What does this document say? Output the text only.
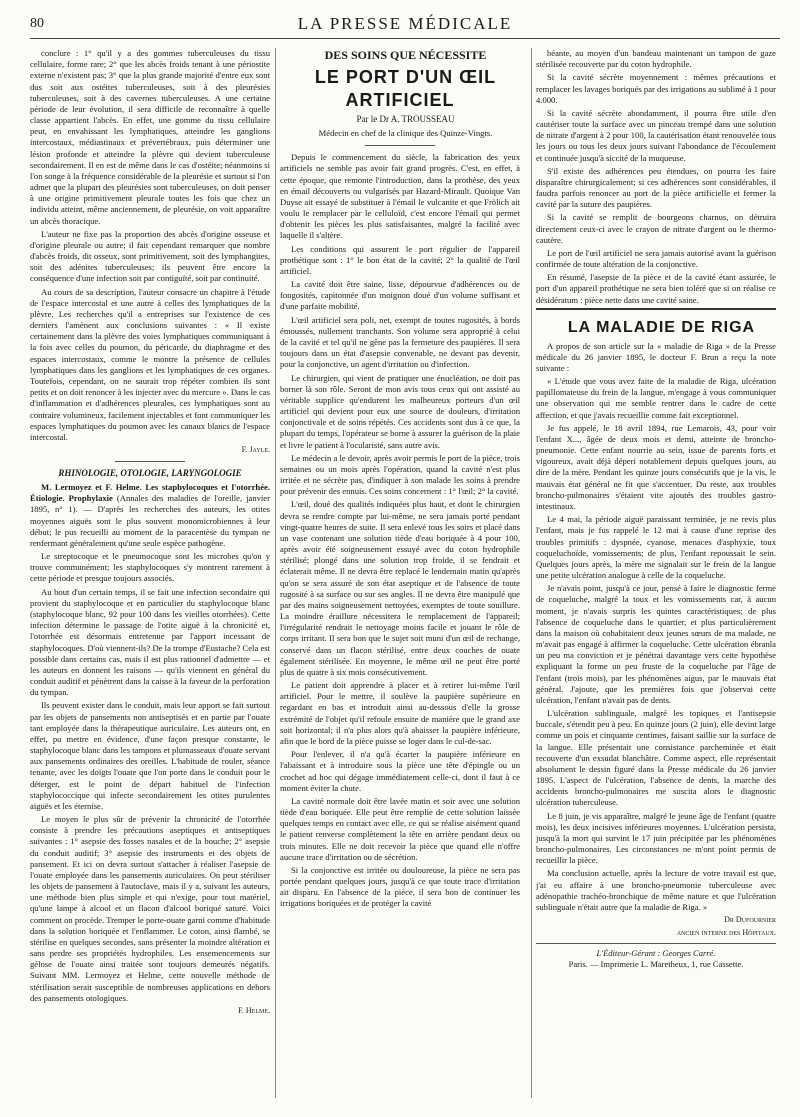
80	LA PRESSE MÉDICALE

conclure : 1° qu'il y a des gommes tuberculeuses du tissu cellulaire, forme rare; 2° que les abcès froids tenant à une périostite externe n'existent pas; 3° que la plus grande majorité d'entre eux sont dus soit aux ostéites tuberculeuses, soit à des pleurésies tuberculeuses, soit à des cavernes tuberculeuses. A une certaine période de leur évolution, il sera difficile de reconnaître à quelle classe appartient l'abcès. En effet, une gomme du tissu cellulaire peut, en envahissant les lymphatiques, atteindre les ganglions intercostaux, médiastinaux et prévertébraux, puis déterminer une lésion profonde et atteindre la plèvre qui devient tuberculeuse secondairement. Il en est de même dans le cas d'ostéite; néanmoins si l'on songe à la fréquence considérable de la pleurésie et surtout si l'on admet que la plupart des pleurésies sont tuberculeuses, on doit penser à une origine primitivement pleurale toutes les fois que chez un individu atteint, même anciennement, de pleurésie, on voit apparaître un abcès thoracique.

L'auteur ne fixe pas la proportion des abcès d'origine osseuse et d'origine pleurale ou autre; il fait cependant remarquer que nombre d'abcès froids, dit osseux, sont primitivement, soit des lymphangites, soit des adénites tuberculeuses; ils peuvent être encore la conséquence d'une infection soit par contiguïté, soit par continuité.

Au cours de sa description, l'auteur consacre un chapitre à l'étude de l'espace intercostal et une autre à celles des lymphatiques de la plèvre. Les recherches qu'il a entreprises sur l'existence de ces derniers l'amènent aux conclusions suivantes : « Il existe certainement dans la plèvre des voies lymphatiques communiquant à la fois avec celles du poumon, du péricarde, du diaphragme et des espaces intercostaux, comme le montre la présence de cellules lymphatiques dans les ganglions et les lymphatiques de ces organes. Toutefois, cependant, on ne saurait trop répéter combien ils sont petits et on doit renoncer à les injecter avec du mercure ». Dans le cas d'inflammation et d'adhérences pleurales, ces lymphatiques sont au contraire volumineux, facilement injectables et font communiquer les espaces lymphatiques du poumon avec les canaux blancs de l'espace intercostal.

F. Jayle.

RHINOLOGIE, OTOLOGIE, LARYNGOLOGIE

M. Lermoyez et F. Helme. Les staphylocoques et l'otorrhée. Étiologie. Prophylaxie (Annales des maladies de l'oreille, janvier 1895, n° 1). — D'après les recherches des auteurs, les otites moyennes aiguës sont le plus souvent monomicrobiennes à leur début; le pus recueilli au moment de la paracentèse du tympan ne renfermant généralement qu'une seule espèce pathogène.

Le streptocoque et le pneumocoque sont les microbes qu'on y trouve communément; les staphylocoques s'y montrent rarement à cette période et presque toujours associés.

Au bout d'un certain temps, il se fait une infection secondaire qui provient du staphylocoque et en particulier du staphylocoque blanc (staphylocoque blanc, 92 pour 100 dans les vieilles otorrhées). Cette infection détermine le passage de l'otite aiguë à la chronicité et, l'otorrhée est désormais entretenue par l'apport incessant de staphylocoques. D'où viennent-ils? De la trompe d'Eustache? Cela est possible dans certains cas, mais il est plus rationnel d'admettre — et les auteurs en donnent les raisons — qu'ils viennent en général du conduit auditif et pénètrent dans la caisse à la faveur de la perforation du tympan.

Ils peuvent exister dans le conduit, mais leur apport se fait surtout par les objets de pansements non antiseptisés et en partie par l'ouate tant employée dans la thérapeutique auriculaire. Les auteurs ont, en effet, pu mettre en évidence, d'une façon presque constante, le staphylocoque blanc dans les tampons et plumasseaux d'ouate servant aux pansements ordinaires des oreilles. L'habitude de rouler, séance tenante, avec les doigts l'ouate que l'on porte dans le conduit pour le déterger, est le point de départ habituel de l'infection staphylococcique qui infecte secondairement les otites purulentes aiguës et les éternise.

Le moyen le plus sûr de prévenir la chronicité de l'otorrhée consiste à prendre les précautions aseptiques et antiseptiques suivantes : 1° asepsie des fosses nasales et de la bouche; 2° asepsie du conduit auditif; 3° asepsie des instruments et des objets de pansement. Et ici on devra surtout s'attacher à réaliser l'asepsie de l'ouate employée dans les pansements auriculaires. On peut stériliser les objets de pansement à l'autoclave, mais il y a, suivant les auteurs, une méthode bien plus simple et qui n'exige, pour tout matériel, qu'une lampe à alcool et un flacon d'alcool boriqué saturé. Voici comment on procède. Tremper le porte-ouate garni comme d'habitude dans la solution boriquée et l'enflammer. Le coton, ainsi flambé, se stérilise en quelques secondes, sans présenter la moindre altération et sans perdre ses propriétés hydrophiles. Les ensemencements sur gélose de l'ouate ainsi traitée sont toujours demeurés négatifs. Suivant MM. Lermoyez et Helme, cette nouvelle méthode de stérilisation serait susceptible de nombreuses applications en dehors des pansements otologiques.

F. Helme.

DES SOINS QUE NÉCESSITE

LE PORT D'UN ŒIL ARTIFICIEL

Par le Dr A. TROUSSEAU

Médecin en chef de la clinique des Quinze-Vingts.

Depuis le commencement du siècle, la fabrication des yeux artificiels ne semble pas avoir fait grand progrès. C'est, en effet, à cette époque, que remonte l'introduction, dans la prothèse, des yeux en émail découverts ou vulgarisés par Hazard-Mirault. Quoique Van Duyse ait essayé de substituer à l'émail le vulcanite et que Frölich ait voulu le remplacer par le celluloïd, c'est encore l'émail qui permet d'obtenir les pièces les plus satisfaisantes, malgré la facilité avec laquelle il s'altère.

Les conditions qui assurent le port régulier de l'appareil prothétique sont : 1° le bon état de la cavité; 2° la qualité de l'œil artificiel.

La cavité doit être saine, lisse, dépourvue d'adhérences ou de fongosités, capitonnée d'un moignon doué d'un volume suffisant et d'une parfaite mobilité.

L'œil artificiel sera poli, net, exempt de toutes rugosités, à bords émoussés, nullement tranchants. Son volume sera approprié à celui de la cavité et tel qu'il ne gêne pas la fermeture des paupières. Il sera toujours dans un état d'asepsie convenable, ne devant pas devenir, pour la conjonctive, un agent d'irritation ou d'infection.

Le chirurgien, qui vient de pratiquer une énucléation, ne doit pas borner là son rôle. Seront de mon avis tous ceux qui ont assisté au véritable supplice qu'endurent les malheureux porteurs d'un œil artificiel qui devient pour eux une source de douleurs, d'irritation conjonctivale et de soins répétés. Ces accidents sont dus à ce que, la plupart du temps, l'opérateur se borne à assurer la guérison de la plaie et livre le patient à l'ocularisté, sans autre avis.

Le médecin a le devoir, après avoir permis le port de la pièce, trois semaines ou un mois après l'opération, quand la cavité n'est plus irritée et ne sécrète pas, d'indiquer à son malade les soins à prendre pour prévenir des ennuis. Ces soins concernent : 1° l'œil; 2° la cavité.

L'œil, doué des qualités indiquées plus haut, et dont le chirurgien devra se rendre compte par lui-même, ne sera jamais porté pendant vingt-quatre heures de suite. Il sera enlevé tous les soirs et placé dans un vase contenant une solution tiède d'eau boriquée à 4 pour 100, après avoir été soigneusement essuyé avec du coton hydrophile stérilisé; plongé dans une solution trop froide, il se fendrait et éclaterait même. Il ne devra être replacé le lendemain matin qu'après qu'on se sera assuré de son état aseptique et de l'absence de toute rugosité à sa surface ou sur ses angles. Il ne devra être manipulé que par des mains soigneusement nettoyées, exemptes de toute souillure. La moindre éraillure nécessitera le remplacement de l'appareil; l'irrégularité rendrait le nettoyage moins facile et jouant le rôle de corps irritant. Il sera bon que le sujet soit muni d'un œil de rechange, conservé dans un flacon stérilisé, entre deux couches de ouate également stérilisée. En moyenne, le même œil ne peut être porté plus de quatre à six mois consécutivement.

Le patient doit apprendre à placer et à retirer lui-même l'œil artificiel. Pour le mettre, il soulève la paupière supérieure en regardant en bas et introduit ainsi au-dessous d'elle la grosse extrémité de l'objet qu'il refoule ensuite de manière que le grand axe soit horizontal; il n'a plus alors qu'à abaisser la paupière inférieure, afin que le bord de la pièce puisse se loger dans le cul-de-sac.

Pour l'enlever, il n'a qu'à écarter la paupière inférieure en l'abaissant et à introduire sous la pièce une tête d'épingle ou un crochet ad hoc qui dégage immédiatement celle-ci, dont il faut à ce moment éviter la chute.

La cavité normale doit être lavée matin et soir avec une solution tiède d'eau boriquée. Elle peut être remplie de cette solution laissée quelques temps en contact avec elle, ce qui se réalise aisément quand le patient renverse complètement la tête en arrière pendant deux ou trois minutes. Elle ne doit recevoir la pièce que quand elle n'offre aucune trace d'irritation ou de sécrétion.

Si la conjonctive est irritée ou douloureuse, la pièce ne sera pas portée pendant quelques jours, jusqu'à ce que toute trace d'irritation ait disparu. En l'absence de la pièce, il sera bon de continuer les irrigations boriquées et de protéger la cavité

béante, au moyen d'un bandeau maintenant un tampon de gaze stérilisée recouverte par du coton hydrophile.

Si la cavité sécrète moyennement : mêmes précautions et remplacer les lavages boriqués par des irrigations au sublimé à 1 pour 4.000.

Si la cavité sécrète abondamment, il pourra être utile d'en cautériser toute la surface avec un pinceau trempé dans une solution de nitrate d'argent à 2 pour 100, la cautérisation étant renouvelée tous les jours ou tous les deux jours suivant l'abondance de l'écoulement et continuée jusqu'à siccité de la muqueuse.

S'il existe des adhérences peu étendues, on pourra les faire disparaître chirurgicalement; si ces adhérences sont considérables, il faudra parfois renoncer au port de la pièce artificielle et fermer la cavité par la suture des paupières.

Si la cavité se remplit de bourgeons charnus, on détruira directement ceux-ci avec le crayon de nitrate d'argent ou le thermo-cautère.

Le port de l'œil artificiel ne sera jamais autorisé avant la guérison confirmée de toute altération de la conjonctive.

En résumé, l'asepsie de la pièce et de la cavité étant assurée, le port d'un appareil prothétique ne sera bien toléré que si on réalise ce désidératum : pièce nette dans une cavité saine.

LA MALADIE DE RIGA

A propos de son article sur la « maladie de Riga » de la Presse médicale du 26 janvier 1895, le docteur F. Brun a reçu la note suivante :

« L'étude que vous avez faite de la maladie de Riga, ulcération papillomateuse du frein de la langue, m'engage à vous communiquer une observation qui me semble rentrer dans le cadre de cette affection, et que j'avais recueillie comme fait exceptionnel.

Je fus appelé, le 18 avril 1894, rue Lemarois, 43, pour voir l'enfant X..., âgée de deux mois et demi, atteinte de broncho-pneumonie. Cette enfant nourrie au sein, issue de parents forts et vigoureux, avait déjà déperi notablement depuis quelques jours, au dire de la mère. Pendant les quinze jours consécutifs que je la vis, le mauvais état général ne fit que s'accentuer. Du reste, aux troubles broncho-pulmonaires s'étaient vite ajoutés des troubles gastro-intestinaux.

Le 4 mai, la période aiguë paraissant terminée, je ne revis plus l'enfant, mais je fus rappelé le 12 mai à cause d'une reprise des troubles primitifs : dyspnée, cyanose, menaces d'asphyxie, toux coqueluchoïde, vomissements; de plus, l'enfant repoussait le sein. Quelques jours après, la mère me signalait sur le frein de la langue une petite ulcération analogue à celle de la coqueluche.

Je n'avais point, jusqu'à ce jour, pensé à faire le diagnostic ferme de coqueluche, malgré la toux et les vomissements car, à aucun moment, je n'avais surpris les quintes caractéristiques; de plus l'absence de coqueluche dans le quartier, et plus particulièrement dans la maison où cohabitaient deux jeunes sœurs de ma malade, ne m'avait pas engagé à affirmer la coqueluche. Cette ulcération ébranla un peu ma conviction et je pénétrai davantage vers cette hypothèse expliquant la forme un peu fruste de la coqueluche par l'âge de l'enfant (trois mois), par les phénomènes aigus, par le mauvais état général. J'ajoute, que les premières fois que j'observai cette ulcération, l'enfant n'avait pas de dents.

L'ulcération sublinguale, malgré les topiques et l'antisepsie buccale, s'étendit peu à peu. En quinze jours (2 juin), elle devint large comme un pois et cinquante centimes, faisant saillie sur la surface de la langue. Elle présentait une consistance parcheminée et était recouverte d'un exsudat blanchâtre. Comme aspect, elle représentait absolument le dessin figuré dans la Presse médicale du 26 janvier 1895. L'aspect de l'ulcération, l'absence de dents, la marche des accidents broncho-pulmonaires me suscita alors le diagnostic ulcération tuberculeuse.

Le 8 juin, je vis apparaître, malgré le jeune âge de l'enfant (quatre mois), les deux incisives inférieures moyennes. L'ulcération persista, jusqu'à la mort qui survint le 17 juin précipitée par les phénomènes broncho-pulmonaires. Les circonstances ne m'ont point permis de recueillir la pièce.

Ma conclusion actuelle, après la lecture de votre travail est que, j'ai eu affaire à une broncho-pneumonie tuberculeuse avec adénopathie trachéo-bronchique de même nature et que l'ulcération sublinguale n'était autre que la maladie de Riga. »

Dr Dufournier

ancien interne des Hôpitaux.

L'Éditeur-Gérant : Georges Carré.
Paris. — Imprimerie L. Maretheux, 1, rue Cassette.
